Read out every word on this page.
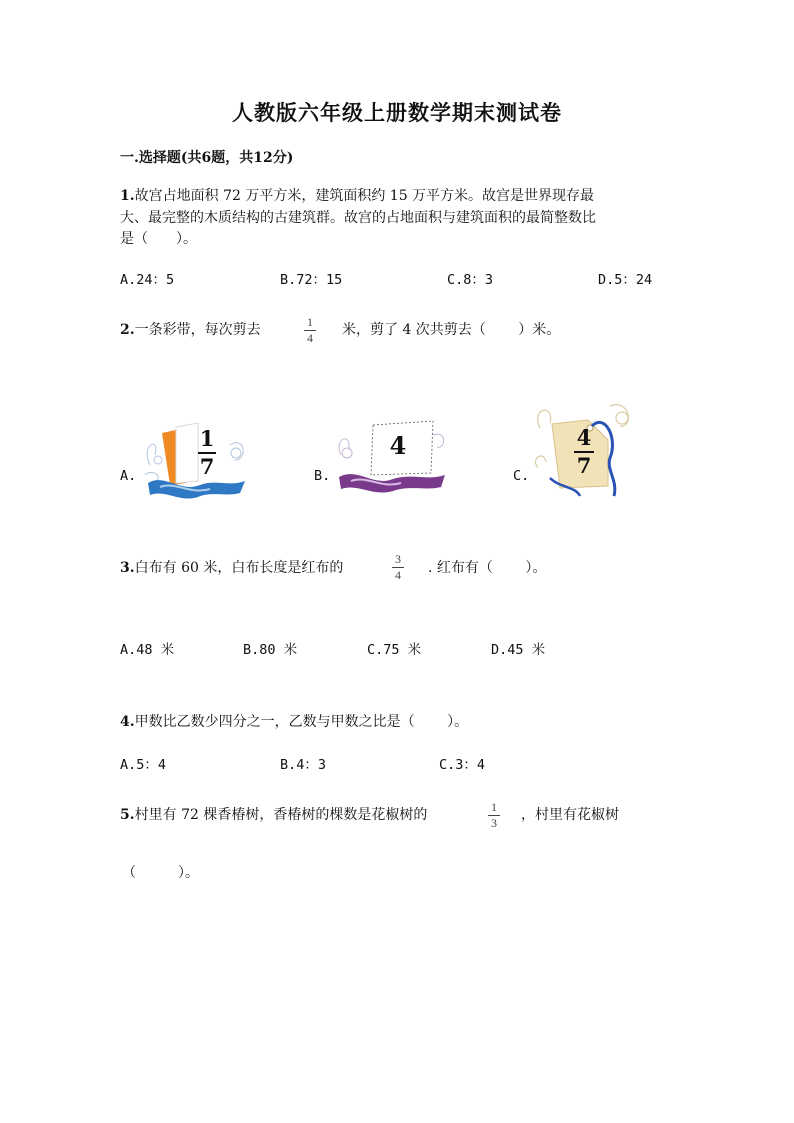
人教版六年级上册数学期末测试卷
一.选择题(共6题，共12分)
1.故宫占地面积 72 万平方米，建筑面积约 15 万平方米。故宫是世界现存最
大、最完整的木质结构的古建筑群。故宫的占地面积与建筑面积的最简整数比
是（　　）。
A.24：5	B.72：15	C.8：3	D.5：24
2.一条彩带，每次剪去	1
4	米，剪了 4 次共剪去（　　 ）米。
A.
1
7	B.
4
C.
4
7
3.白布有 60 米，白布长度是红布的
3
4	. 红布有（　　 ）。
A.48 米	B.80 米	C.75 米	D.45 米
4.甲数比乙数少四分之一，乙数与甲数之比是（　　 ）。
A.5：4	B.4：3	C.3：4
5.村里有 72 棵香椿树，香椿树的棵数是花椒树的	1
3	，村里有花椒树
（　　　）。
